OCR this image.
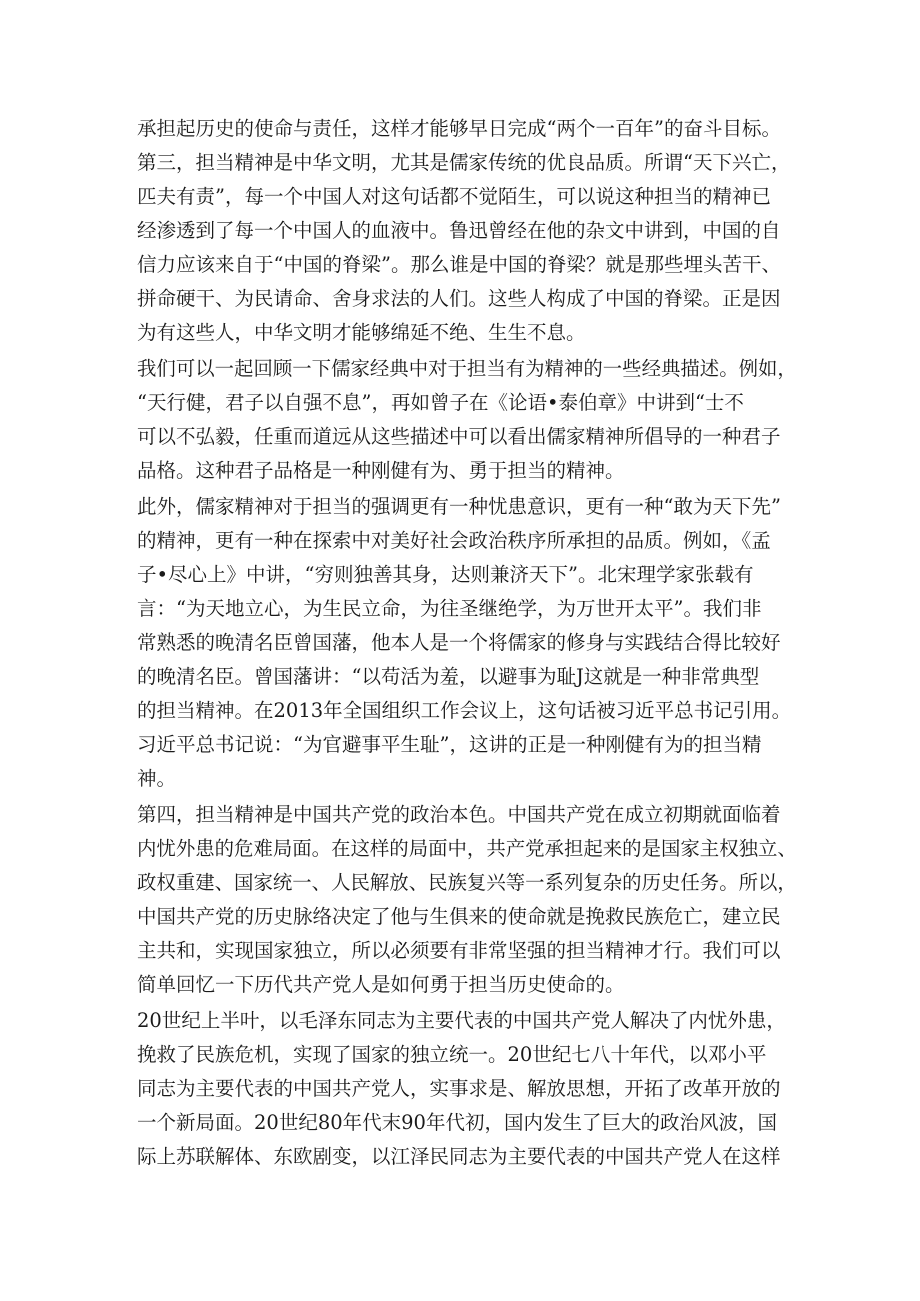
承担起历史的使命与责任，这样才能够早日完成“两个一百年”的奋斗目标。
第三，担当精神是中华文明，尤其是儒家传统的优良品质。所谓“天下兴亡，
匹夫有责”，每一个中国人对这句话都不觉陌生，可以说这种担当的精神已
经渗透到了每一个中国人的血液中。鲁迅曾经在他的杂文中讲到，中国的自
信力应该来自于“中国的脊梁”。那么谁是中国的脊梁？就是那些埋头苦干、
拼命硬干、为民请命、舍身求法的人们。这些人构成了中国的脊梁。正是因
为有这些人，中华文明才能够绵延不绝、生生不息。
我们可以一起回顾一下儒家经典中对于担当有为精神的一些经典描述。例如，
“天行健，君子以自强不息”，再如曾子在《论语•泰伯章》中讲到“士不
可以不弘毅，任重而道远从这些描述中可以看出儒家精神所倡导的一种君子
品格。这种君子品格是一种刚健有为、勇于担当的精神。
此外，儒家精神对于担当的强调更有一种忧患意识，更有一种“敢为天下先”
的精神，更有一种在探索中对美好社会政治秩序所承担的品质。例如，《孟
子•尽心上》中讲，“穷则独善其身，达则兼济天下”。北宋理学家张载有
言：“为天地立心，为生民立命，为往圣继绝学，为万世开太平”。我们非
常熟悉的晚清名臣曾国藩，他本人是一个将儒家的修身与实践结合得比较好
的晚清名臣。曾国藩讲：“以苟活为羞，以避事为耻J这就是一种非常典型
的担当精神。在2013年全国组织工作会议上，这句话被习近平总书记引用。
习近平总书记说：“为官避事平生耻”，这讲的正是一种刚健有为的担当精
神。
第四，担当精神是中国共产党的政治本色。中国共产党在成立初期就面临着
内忧外患的危难局面。在这样的局面中，共产党承担起来的是国家主权独立、
政权重建、国家统一、人民解放、民族复兴等一系列复杂的历史任务。所以，
中国共产党的历史脉络决定了他与生俱来的使命就是挽救民族危亡，建立民
主共和，实现国家独立，所以必须要有非常坚强的担当精神才行。我们可以
简单回忆一下历代共产党人是如何勇于担当历史使命的。
20世纪上半叶，以毛泽东同志为主要代表的中国共产党人解决了内忧外患，
挽救了民族危机，实现了国家的独立统一。20世纪七八十年代，以邓小平
同志为主要代表的中国共产党人，实事求是、解放思想，开拓了改革开放的
一个新局面。20世纪80年代末90年代初，国内发生了巨大的政治风波，国
际上苏联解体、东欧剧变，以江泽民同志为主要代表的中国共产党人在这样
